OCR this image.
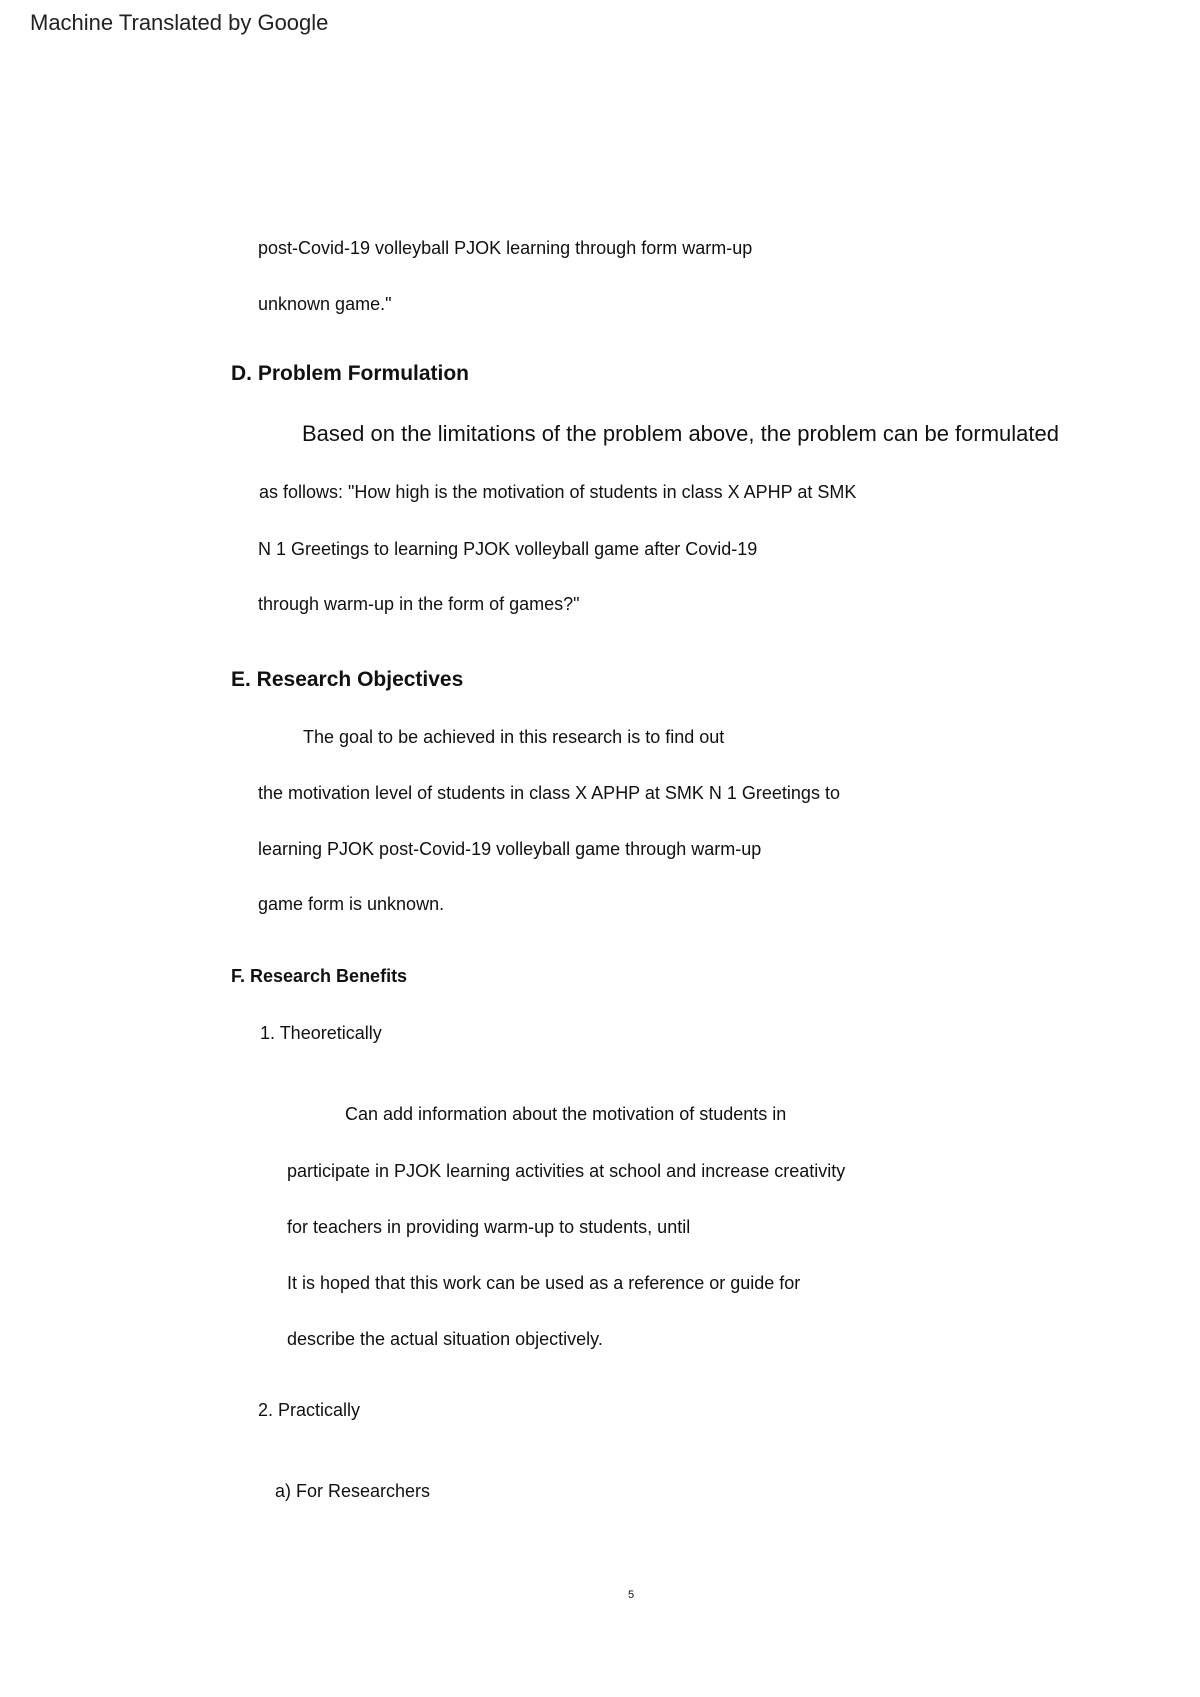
Machine Translated by Google
post-Covid-19 volleyball PJOK learning through form warm-up
unknown game."
D. Problem Formulation
Based on the limitations of the problem above, the problem can be formulated
as follows: "How high is the motivation of students in class X APHP at SMK
N 1 Greetings to learning PJOK volleyball game after Covid-19
through warm-up in the form of games?"
E. Research Objectives
The goal to be achieved in this research is to find out
the motivation level of students in class X APHP at SMK N 1 Greetings to
learning PJOK post-Covid-19 volleyball game through warm-up
game form is unknown.
F. Research Benefits
1. Theoretically
Can add information about the motivation of students in
participate in PJOK learning activities at school and increase creativity
for teachers in providing warm-up to students, until
It is hoped that this work can be used as a reference or guide for
describe the actual situation objectively.
2. Practically
a) For Researchers
5
